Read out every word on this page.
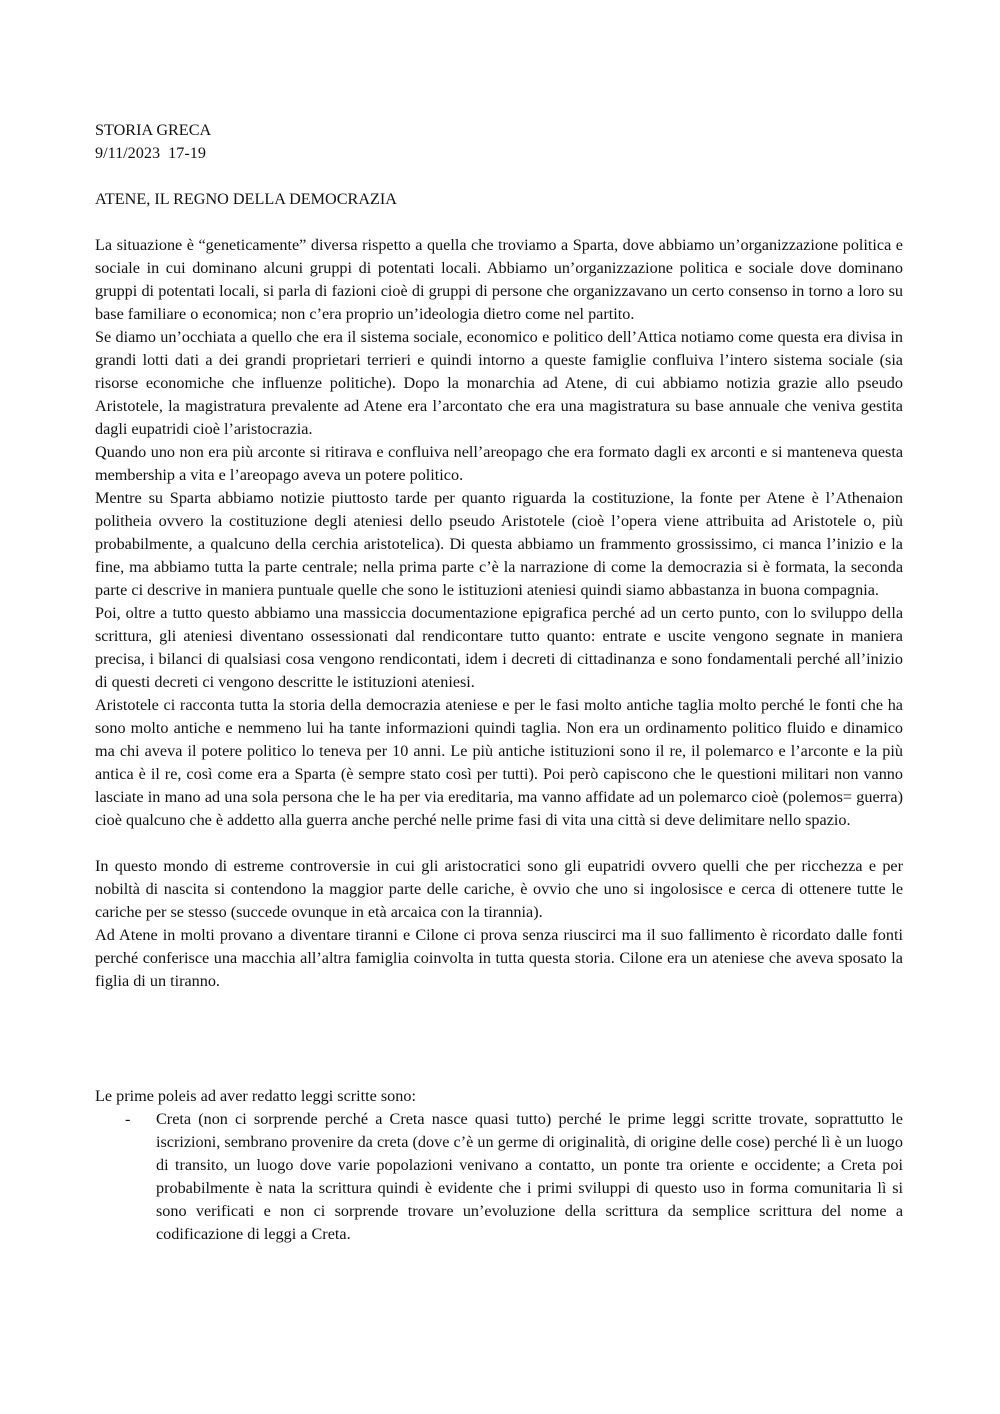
STORIA GRECA

9/11/2023  17-19

ATENE, IL REGNO DELLA DEMOCRAZIA

La situazione è “geneticamente” diversa rispetto a quella che troviamo a Sparta, dove abbiamo un’organizzazione politica e sociale in cui dominano alcuni gruppi di potentati locali. Abbiamo un’organizzazione politica e sociale dove dominano gruppi di potentati locali, si parla di fazioni cioè di gruppi di persone che organizzavano un certo consenso in torno a loro su base familiare o economica; non c’era proprio un’ideologia dietro come nel partito.

Se diamo un’occhiata a quello che era il sistema sociale, economico e politico dell’Attica notiamo come questa era divisa in grandi lotti dati a dei grandi proprietari terrieri e quindi intorno a queste famiglie confluiva l’intero sistema sociale (sia risorse economiche che influenze politiche). Dopo la monarchia ad Atene, di cui abbiamo notizia grazie allo pseudo Aristotele, la magistratura prevalente ad Atene era l’arcontato che era una magistratura su base annuale che veniva gestita dagli eupatridi cioè l’aristocrazia.

Quando uno non era più arconte si ritirava e confluiva nell’areopago che era formato dagli ex arconti e si manteneva questa membership a vita e l’areopago aveva un potere politico.

Mentre su Sparta abbiamo notizie piuttosto tarde per quanto riguarda la costituzione, la fonte per Atene è l’Athenaion politheia ovvero la costituzione degli ateniesi dello pseudo Aristotele (cioè l’opera viene attribuita ad Aristotele o, più probabilmente, a qualcuno della cerchia aristotelica). Di questa abbiamo un frammento grossissimo, ci manca l’inizio e la fine, ma abbiamo tutta la parte centrale; nella prima parte c’è la narrazione di come la democrazia si è formata, la seconda parte ci descrive in maniera puntuale quelle che sono le istituzioni ateniesi quindi siamo abbastanza in buona compagnia.

Poi, oltre a tutto questo abbiamo una massiccia documentazione epigrafica perché ad un certo punto, con lo sviluppo della scrittura, gli ateniesi diventano ossessionati dal rendicontare tutto quanto: entrate e uscite vengono segnate in maniera precisa, i bilanci di qualsiasi cosa vengono rendicontati, idem i decreti di cittadinanza e sono fondamentali perché all’inizio di questi decreti ci vengono descritte le istituzioni ateniesi.

Aristotele ci racconta tutta la storia della democrazia ateniese e per le fasi molto antiche taglia molto perché le fonti che ha sono molto antiche e nemmeno lui ha tante informazioni quindi taglia. Non era un ordinamento politico fluido e dinamico ma chi aveva il potere politico lo teneva per 10 anni. Le più antiche istituzioni sono il re, il polemarco e l’arconte e la più antica è il re, così come era a Sparta (è sempre stato così per tutti). Poi però capiscono che le questioni militari non vanno lasciate in mano ad una sola persona che le ha per via ereditaria, ma vanno affidate ad un polemarco cioè (polemos= guerra) cioè qualcuno che è addetto alla guerra anche perché nelle prime fasi di vita una città si deve delimitare nello spazio.

In questo mondo di estreme controversie in cui gli aristocratici sono gli eupatridi ovvero quelli che per ricchezza e per nobiltà di nascita si contendono la maggior parte delle cariche, è ovvio che uno si ingolosisce e cerca di ottenere tutte le cariche per se stesso (succede ovunque in età arcaica con la tirannia).

Ad Atene in molti provano a diventare tiranni e Cilone ci prova senza riuscirci ma il suo fallimento è ricordato dalle fonti perché conferisce una macchia all’altra famiglia coinvolta in tutta questa storia. Cilone era un ateniese che aveva sposato la figlia di un tiranno.

Le prime poleis ad aver redatto leggi scritte sono:

- Creta (non ci sorprende perché a Creta nasce quasi tutto) perché le prime leggi scritte trovate, soprattutto le iscrizioni, sembrano provenire da creta (dove c’è un germe di originalità, di origine delle cose) perché lì è un luogo di transito, un luogo dove varie popolazioni venivano a contatto, un ponte tra oriente e occidente; a Creta poi probabilmente è nata la scrittura quindi è evidente che i primi sviluppi di questo uso in forma comunitaria lì si sono verificati e non ci sorprende trovare un’evoluzione della scrittura da semplice scrittura del nome a codificazione di leggi a Creta.
